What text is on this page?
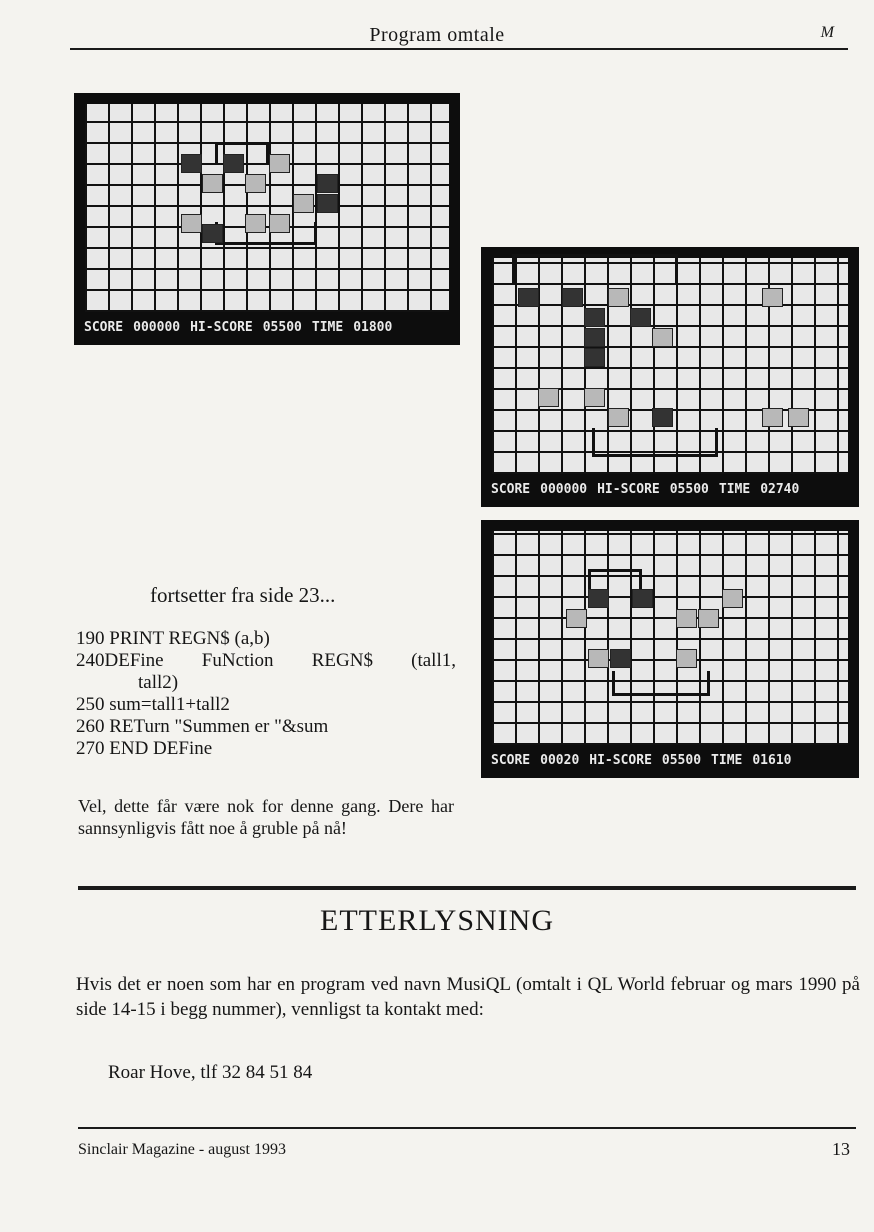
Program omtale	M
SCORE 000000 HI-SCORE 05500 TIME 01800
SCORE 000000 HI-SCORE 05500 TIME 02740
SCORE 00020 HI-SCORE 05500 TIME 01610
fortsetter fra side 23...
190 PRINT REGN$ (a,b)
240DEFine FuNction REGN$ (tall1,
tall2)
250 sum=tall1+tall2
260 RETurn "Summen er "&sum
270 END DEFine
Vel, dette får være nok for denne gang. Dere har sannsynligvis fått noe å gruble på nå!
ETTERLYSNING
Hvis det er noen som har en program ved navn MusiQL (omtalt i QL World februar og mars 1990 på side 14-15 i begg nummer), vennligst ta kontakt med:
Roar Hove, tlf 32 84 51 84
Sinclair Magazine - august 1993	13
